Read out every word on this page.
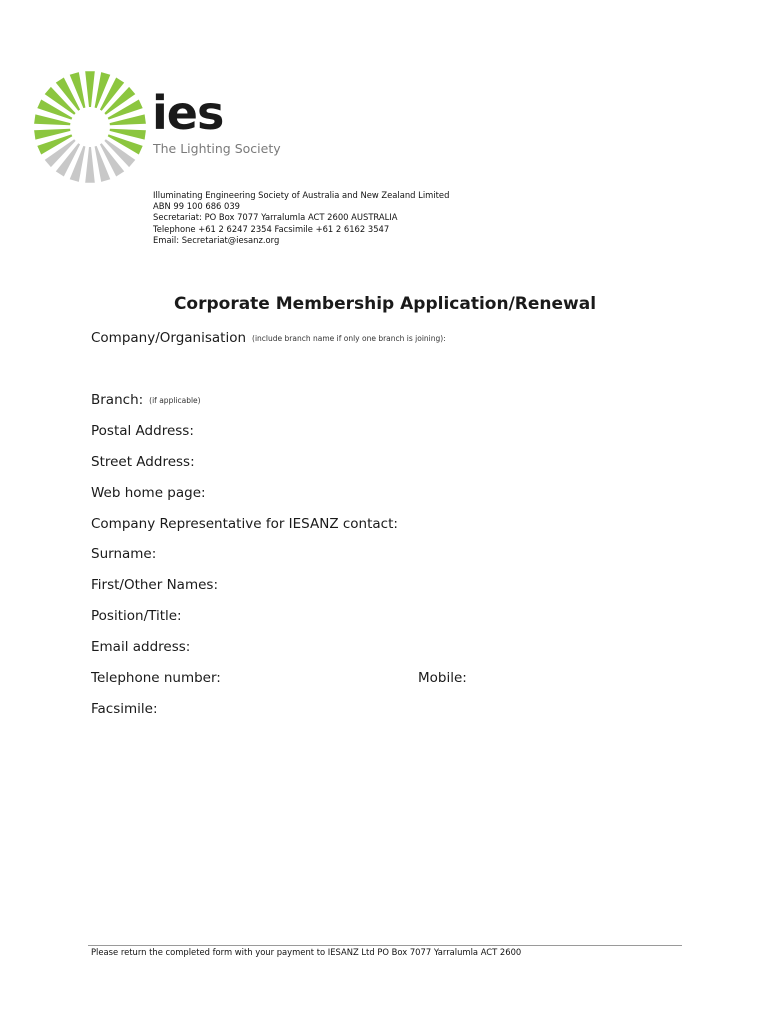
ies
The Lighting Society
Illuminating Engineering Society of Australia and New Zealand Limited
ABN 99 100 686 039
Secretariat: PO Box 7077 Yarralumla ACT 2600 AUSTRALIA
Telephone +61 2 6247 2354 Facsimile +61 2 6162 3547
Email: Secretariat@iesanz.org
Corporate Membership Application/Renewal
Company/Organisation (include branch name if only one branch is joining):
Branch: (if applicable)
Postal Address:
Street Address:
Web home page:
Company Representative for IESANZ contact:
Surname:
First/Other Names:
Position/Title:
Email address:
Telephone number:	Mobile:
Facsimile:
Please return the completed form with your payment to IESANZ Ltd PO Box 7077 Yarralumla ACT 2600
